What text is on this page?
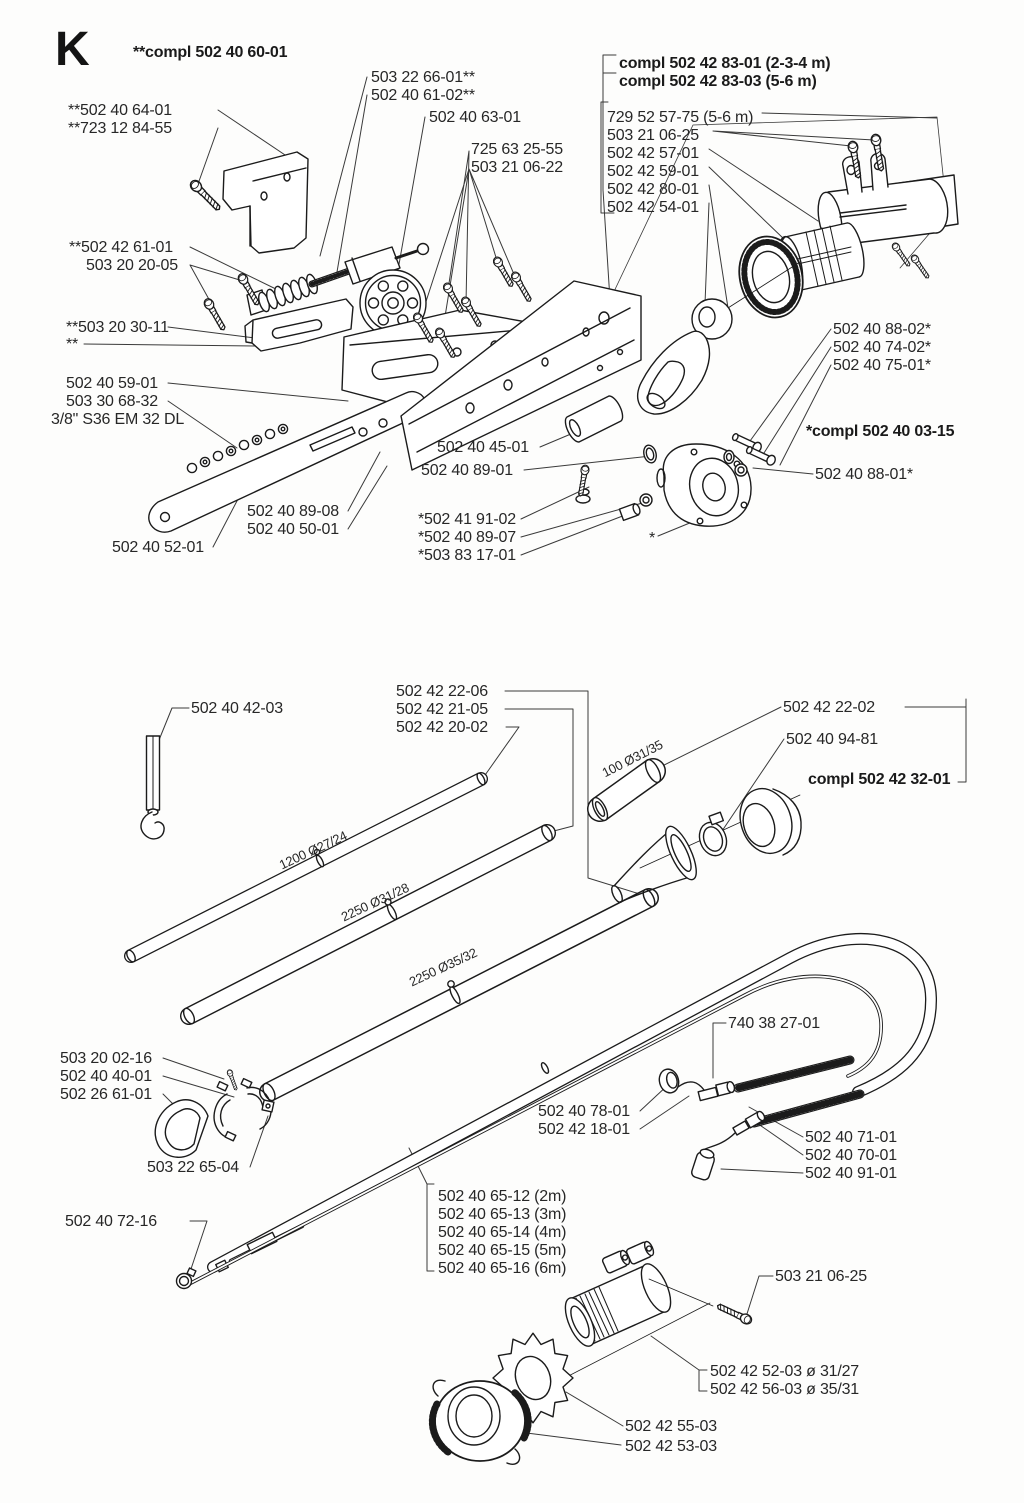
K	**compl 502 40 60-01
503 22 66-01**
502 40 61-02**
502 40 63-01
**502 40 64-01
**723 12 84-55
725 63 25-55
503 21 06-22
compl 502 42 83-01 (2-3-4 m)
compl 502 42 83-03 (5-6 m)
729 52 57-75 (5-6 m)
503 21 06-25
502 42 57-01
502 42 59-01
502 42 80-01
502 42 54-01
**502 42 61-01
503 20 20-05
**503 20 30-11
**
502 40 59-01
503 30 68-32
3/8" S36 EM 32 DL
502 40 88-02*
502 40 74-02*
502 40 75-01*
*compl 502 40 03-15
502 40 45-01
502 40 89-01	502 40 88-01*
502 40 89-08
502 40 50-01
*502 41 91-02
*502 40 89-07
*503 83 17-01
502 40 52-01
*
502 40 42-03
502 42 22-06
502 42 21-05
502 42 20-02
502 42 22-02
502 40 94-81
compl 502 42 32-01
100 Ø31/35
1200 Ø27/24
2250 Ø31/28
2250 Ø35/32
503 20 02-16
502 40 40-01
502 26 61-01
503 22 65-04
740 38 27-01
502 40 78-01
502 42 18-01	502 40 71-01
502 40 70-01
502 40 91-01
502 40 72-16
502 40 65-12 (2m)
502 40 65-13 (3m)
502 40 65-14 (4m)
502 40 65-15 (5m)
502 40 65-16 (6m)	503 21 06-25
502 42 52-03 ø 31/27
502 42 56-03 ø 35/31
502 42 55-03
502 42 53-03
